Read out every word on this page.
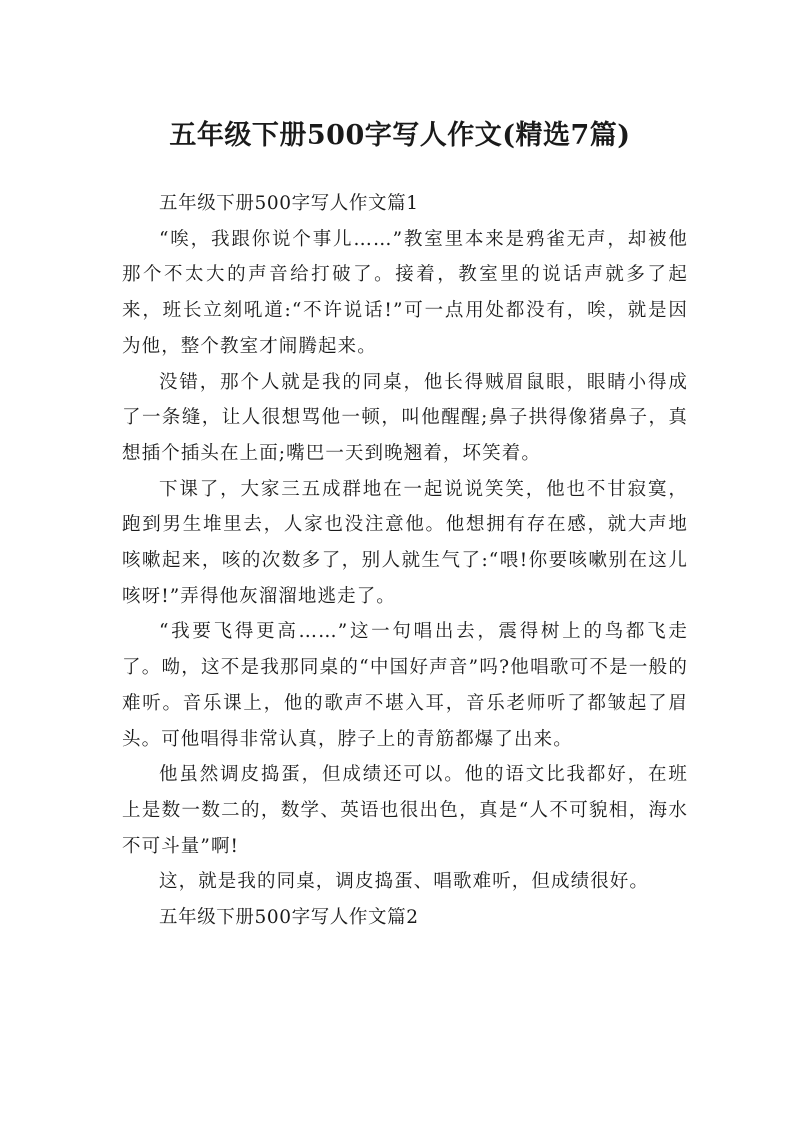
五年级下册500字写人作文(精选7篇)

五年级下册500字写人作文篇1

“唉，我跟你说个事儿……”教室里本来是鸦雀无声，却被他那个不太大的声音给打破了。接着，教室里的说话声就多了起来，班长立刻吼道:“不许说话!”可一点用处都没有，唉，就是因为他，整个教室才闹腾起来。

没错，那个人就是我的同桌，他长得贼眉鼠眼，眼睛小得成了一条缝，让人很想骂他一顿，叫他醒醒;鼻子拱得像猪鼻子，真想插个插头在上面;嘴巴一天到晚翘着，坏笑着。

下课了，大家三五成群地在一起说说笑笑，他也不甘寂寞，跑到男生堆里去，人家也没注意他。他想拥有存在感，就大声地咳嗽起来，咳的次数多了，别人就生气了:“喂!你要咳嗽别在这儿咳呀!”弄得他灰溜溜地逃走了。

“我要飞得更高……”这一句唱出去，震得树上的鸟都飞走了。呦，这不是我那同桌的“中国好声音”吗?他唱歌可不是一般的难听。音乐课上，他的歌声不堪入耳，音乐老师听了都皱起了眉头。可他唱得非常认真，脖子上的青筋都爆了出来。

他虽然调皮捣蛋，但成绩还可以。他的语文比我都好，在班上是数一数二的，数学、英语也很出色，真是“人不可貌相，海水不可斗量”啊!

这，就是我的同桌，调皮捣蛋、唱歌难听，但成绩很好。

五年级下册500字写人作文篇2
